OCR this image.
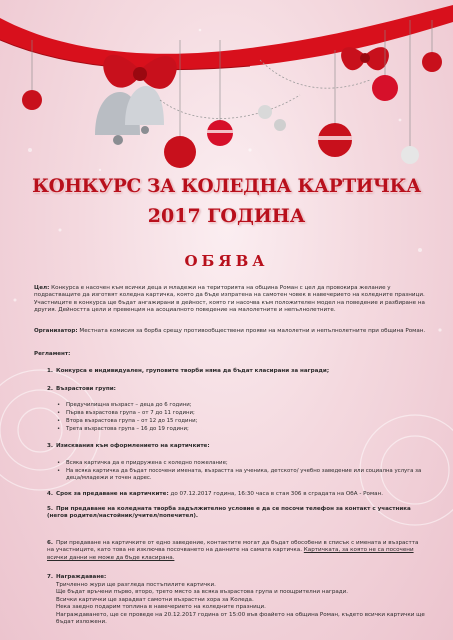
КОНКУРС ЗА КОЛЕДНА КАРТИЧКА
2017 ГОДИНА
ОБЯВА
Цел: Конкурса е насочен към всички деца и младежи на територията на община Роман с цел да провокира желание у подрастващите да изготвят коледна картичка, която да бъде изпратена на самотен човек в навечерието на коледните празници. Участниците в конкурса ще бъдат ангажирани в дейност, която ги насочва към положителен модел на поведение и разбиране на другия. Дейността цели и превенция на асоциалното поведение на малолетните и непълнолетните.
Организатор: Местната комисия за борба срещу противообществени прояви на малолетни и непълнолетните при община Роман.
Регламент:
1. Конкурса е индивидуален, груповите творби няма да бъдат класирани за награди;
2. Възрастови групи:
• Предучилищна възраст – деца до 6 години;
• Първа възрастова група – от 7 до 11 години;
• Втора възрастова група – от 12 до 15 години;
• Трета възрастова група – 16 до 19 години;
3. Изисквания към оформлението на картичките:
• Всяка картичка да е придружена с коледно пожелание;
• На всяка картичка да бъдат посочени имената, възрастта на ученика, детското/ учебно заведение или социална услуга за деца/младежи и точен адрес.
4. Срок за предаване на картичките: до 07.12.2017 година, 16:30 часа в стая 306 в сградата на ОбА - Роман.
5. При предаване на коледната творба задължително условие е да се посочи телефон за контакт с участника (негов родител/настойник/учител/попечител).
6. При предаване на картичките от едно заведение, контактите могат да бъдат обособени в списък с имената и възрастта на участниците, като това не изключва посочването на данните на самата картичка. Картичката, за която не са посочени всички данни не може да бъде класирана.
7. Награждаване:
Тричленно жури ще разгледа постъпилите картички.
Ще бъдат връчени първо, второ, трето място за всяка възрастова група и поощрителни награди.
Всички картички ще зарадват самотни възрастни хора за Коледа.
Нека заедно подарим топлина в навечерието на коледните празници.
Награждаването, ще се проведе на 20.12.2017 година от 15:00 във фоайето на община Роман, където всички картички ще бъдат изложени.
